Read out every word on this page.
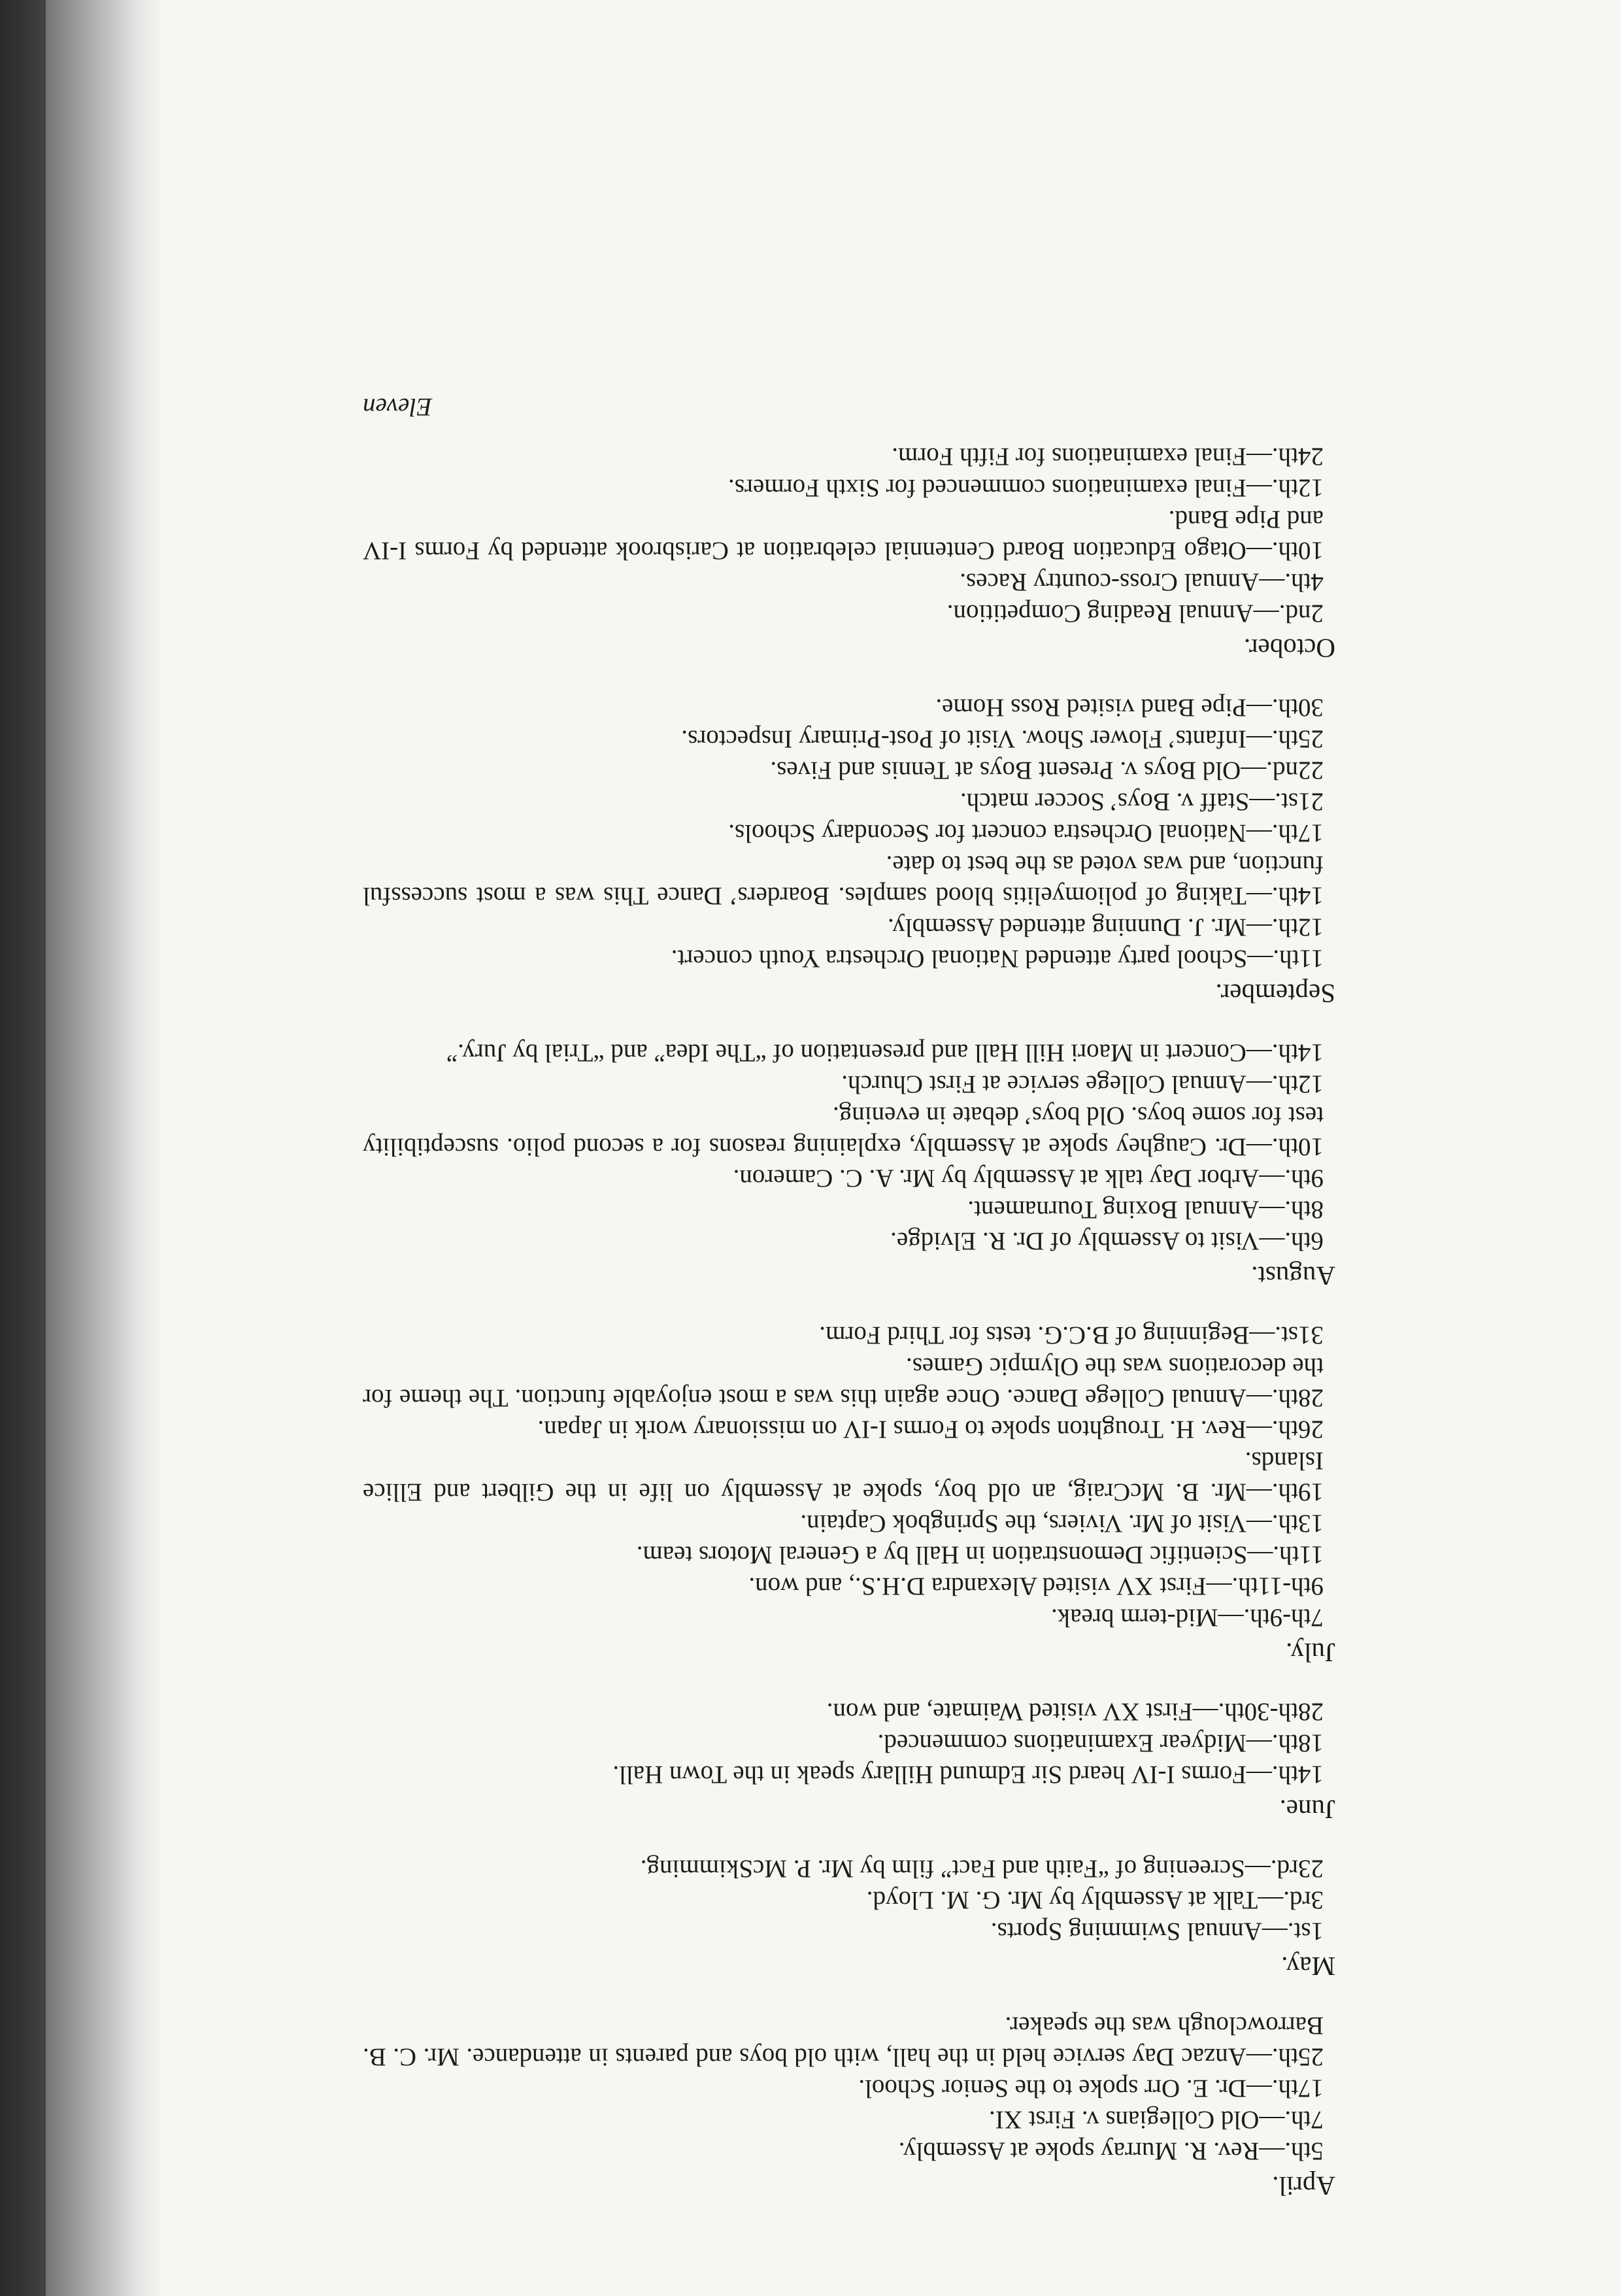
April.
5th.—Rev. R. Murray spoke at Assembly.
7th.—Old Collegians v. First XI.
17th.—Dr. E. Orr spoke to the Senior School.
25th.—Anzac Day service held in the hall, with old boys and parents in attendance. Mr. C. B. Barrowclough was the speaker.
May.
1st.—Annual Swimming Sports.
3rd.—Talk at Assembly by Mr. G. M. Lloyd.
23rd.—Screening of “Faith and Fact” film by Mr. P. McSkimming.
June.
14th.—Forms I-IV heard Sir Edmund Hillary speak in the Town Hall.
18th.—Midyear Examinations commenced.
28th-30th.—First XV visited Waimate, and won.
July.
7th-9th.—Mid-term break.
9th-11th.—First XV visited Alexandra D.H.S., and won.
11th.—Scientific Demonstration in Hall by a General Motors team.
13th.—Visit of Mr. Viviers, the Springbok Captain.
19th.—Mr. B. McCraig, an old boy, spoke at Assembly on life in the Gilbert and Ellice Islands.
26th.—Rev. H. Troughton spoke to Forms I-IV on missionary work in Japan.
28th.—Annual College Dance. Once again this was a most enjoyable function. The theme for the decorations was the Olympic Games.
31st.—Beginning of B.C.G. tests for Third Form.
August.
6th.—Visit to Assembly of Dr. R. Elvidge.
8th.—Annual Boxing Tournament.
9th.—Arbor Day talk at Assembly by Mr. A. C. Cameron.
10th.—Dr. Caughey spoke at Assembly, explaining reasons for a second polio. susceptibility test for some boys. Old boys’ debate in evening.
12th.—Annual College service at First Church.
14th.—Concert in Maori Hill Hall and presentation of “The Idea” and “Trial by Jury.”
September.
11th.—School party attended National Orchestra Youth concert.
12th.—Mr. J. Dunning attended Assembly.
14th.—Taking of poliomyelitis blood samples. Boarders’ Dance This was a most successful function, and was voted as the best to date.
17th.—National Orchestra concert for Secondary Schools.
21st.—Staff v. Boys’ Soccer match.
22nd.—Old Boys v. Present Boys at Tennis and Fives.
25th.—Infants’ Flower Show. Visit of Post-Primary Inspectors.
30th.—Pipe Band visited Ross Home.
October.
2nd.—Annual Reading Competition.
4th.—Annual Cross-country Races.
10th.—Otago Education Board Centennial celebration at Carisbrook attended by Forms I-IV and Pipe Band.
12th.—Final examinations commenced for Sixth Formers.
24th.—Final examinations for Fifth Form.
Eleven
